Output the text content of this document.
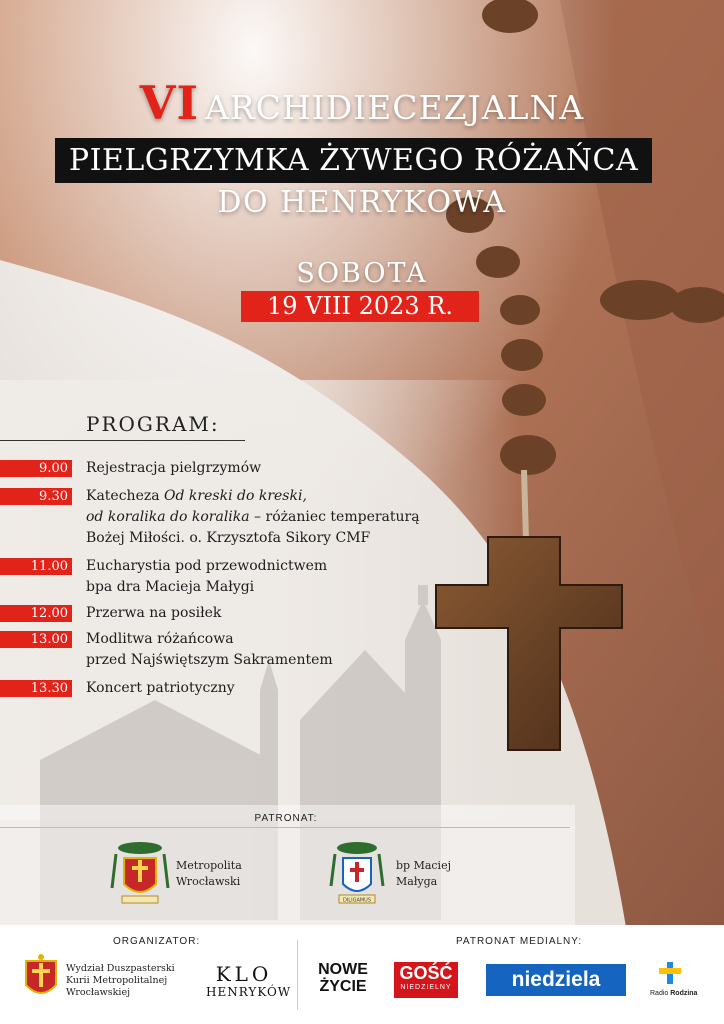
VI ARCHIDIECEZJALNA
PIELGRZYMKA ŻYWEGO RÓŻAŃCA
DO HENRYKOWA
SOBOTA
19 VIII 2023 R.
PROGRAM:
9.00 Rejestracja pielgrzymów
9.30 Katecheza Od kreski do kreski,
od koralika do koralika – różaniec temperaturą
Bożej Miłości. o. Krzysztofa Sikory CMF
11.00 Eucharystia pod przewodnictwem
bpa dra Macieja Małygi
12.00 Przerwa na posiłek
13.00 Modlitwa różańcowa
przed Najświętszym Sakramentem
13.30 Koncert patriotyczny
PATRONAT:
Metropolita
Wrocławski
DILIGAMUS
bp Maciej
Małyga
ORGANIZATOR:	PATRONAT MEDIALNY:
Wydział Duszpasterski
Kurii Metropolitalnej
Wrocławskiej
KLO
HENRYKÓW
NOWE
ŻYCIE
GOŚĆ
NIEDZIELNY	niedziela
Radio Rodzina
